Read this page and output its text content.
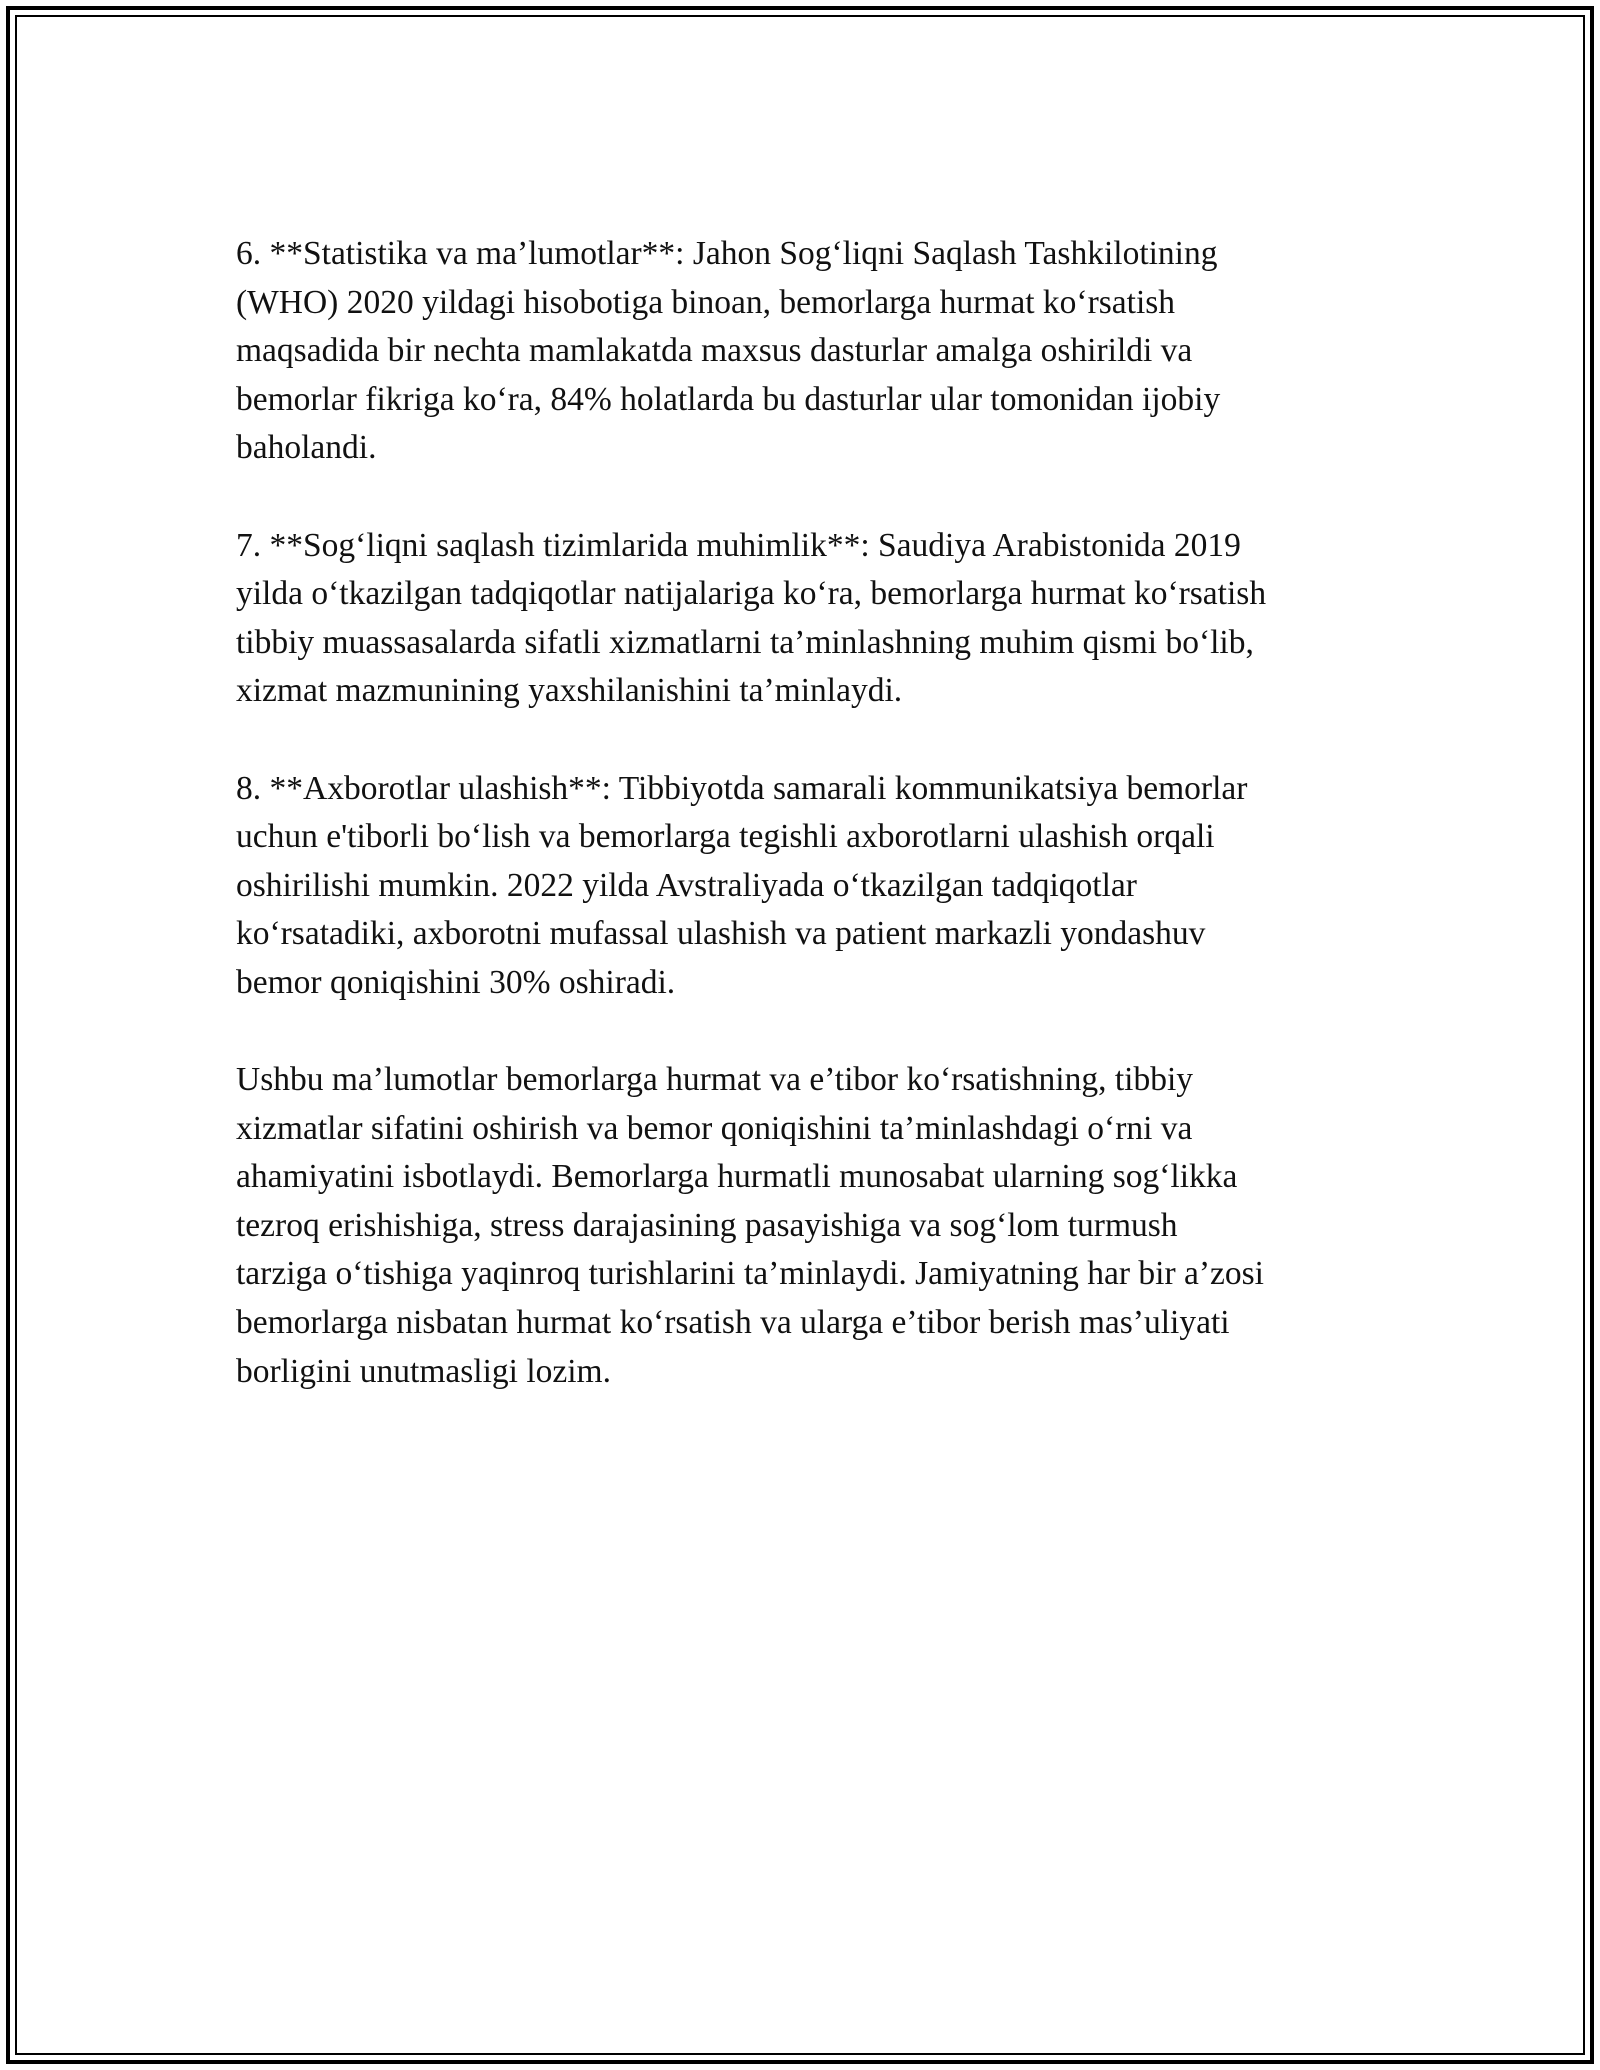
6. **Statistika va ma’lumotlar**: Jahon Sog‘liqni Saqlash Tashkilotining
(WHO) 2020 yildagi hisobotiga binoan, bemorlarga hurmat ko‘rsatish
maqsadida bir nechta mamlakatda maxsus dasturlar amalga oshirildi va
bemorlar fikriga ko‘ra, 84% holatlarda bu dasturlar ular tomonidan ijobiy
baholandi.

7. **Sog‘liqni saqlash tizimlarida muhimlik**: Saudiya Arabistonida 2019
yilda o‘tkazilgan tadqiqotlar natijalariga ko‘ra, bemorlarga hurmat ko‘rsatish
tibbiy muassasalarda sifatli xizmatlarni ta’minlashning muhim qismi bo‘lib,
xizmat mazmunining yaxshilanishini ta’minlaydi.

8. **Axborotlar ulashish**: Tibbiyotda samarali kommunikatsiya bemorlar
uchun e'tiborli bo‘lish va bemorlarga tegishli axborotlarni ulashish orqali
oshirilishi mumkin. 2022 yilda Avstraliyada o‘tkazilgan tadqiqotlar
ko‘rsatadiki, axborotni mufassal ulashish va patient markazli yondashuv
bemor qoniqishini 30% oshiradi.

Ushbu ma’lumotlar bemorlarga hurmat va e’tibor ko‘rsatishning, tibbiy
xizmatlar sifatini oshirish va bemor qoniqishini ta’minlashdagi o‘rni va
ahamiyatini isbotlaydi. Bemorlarga hurmatli munosabat ularning sog‘likka
tezroq erishishiga, stress darajasining pasayishiga va sog‘lom turmush
tarziga o‘tishiga yaqinroq turishlarini ta’minlaydi. Jamiyatning har bir a’zosi
bemorlarga nisbatan hurmat ko‘rsatish va ularga e’tibor berish mas’uliyati
borligini unutmasligi lozim.
